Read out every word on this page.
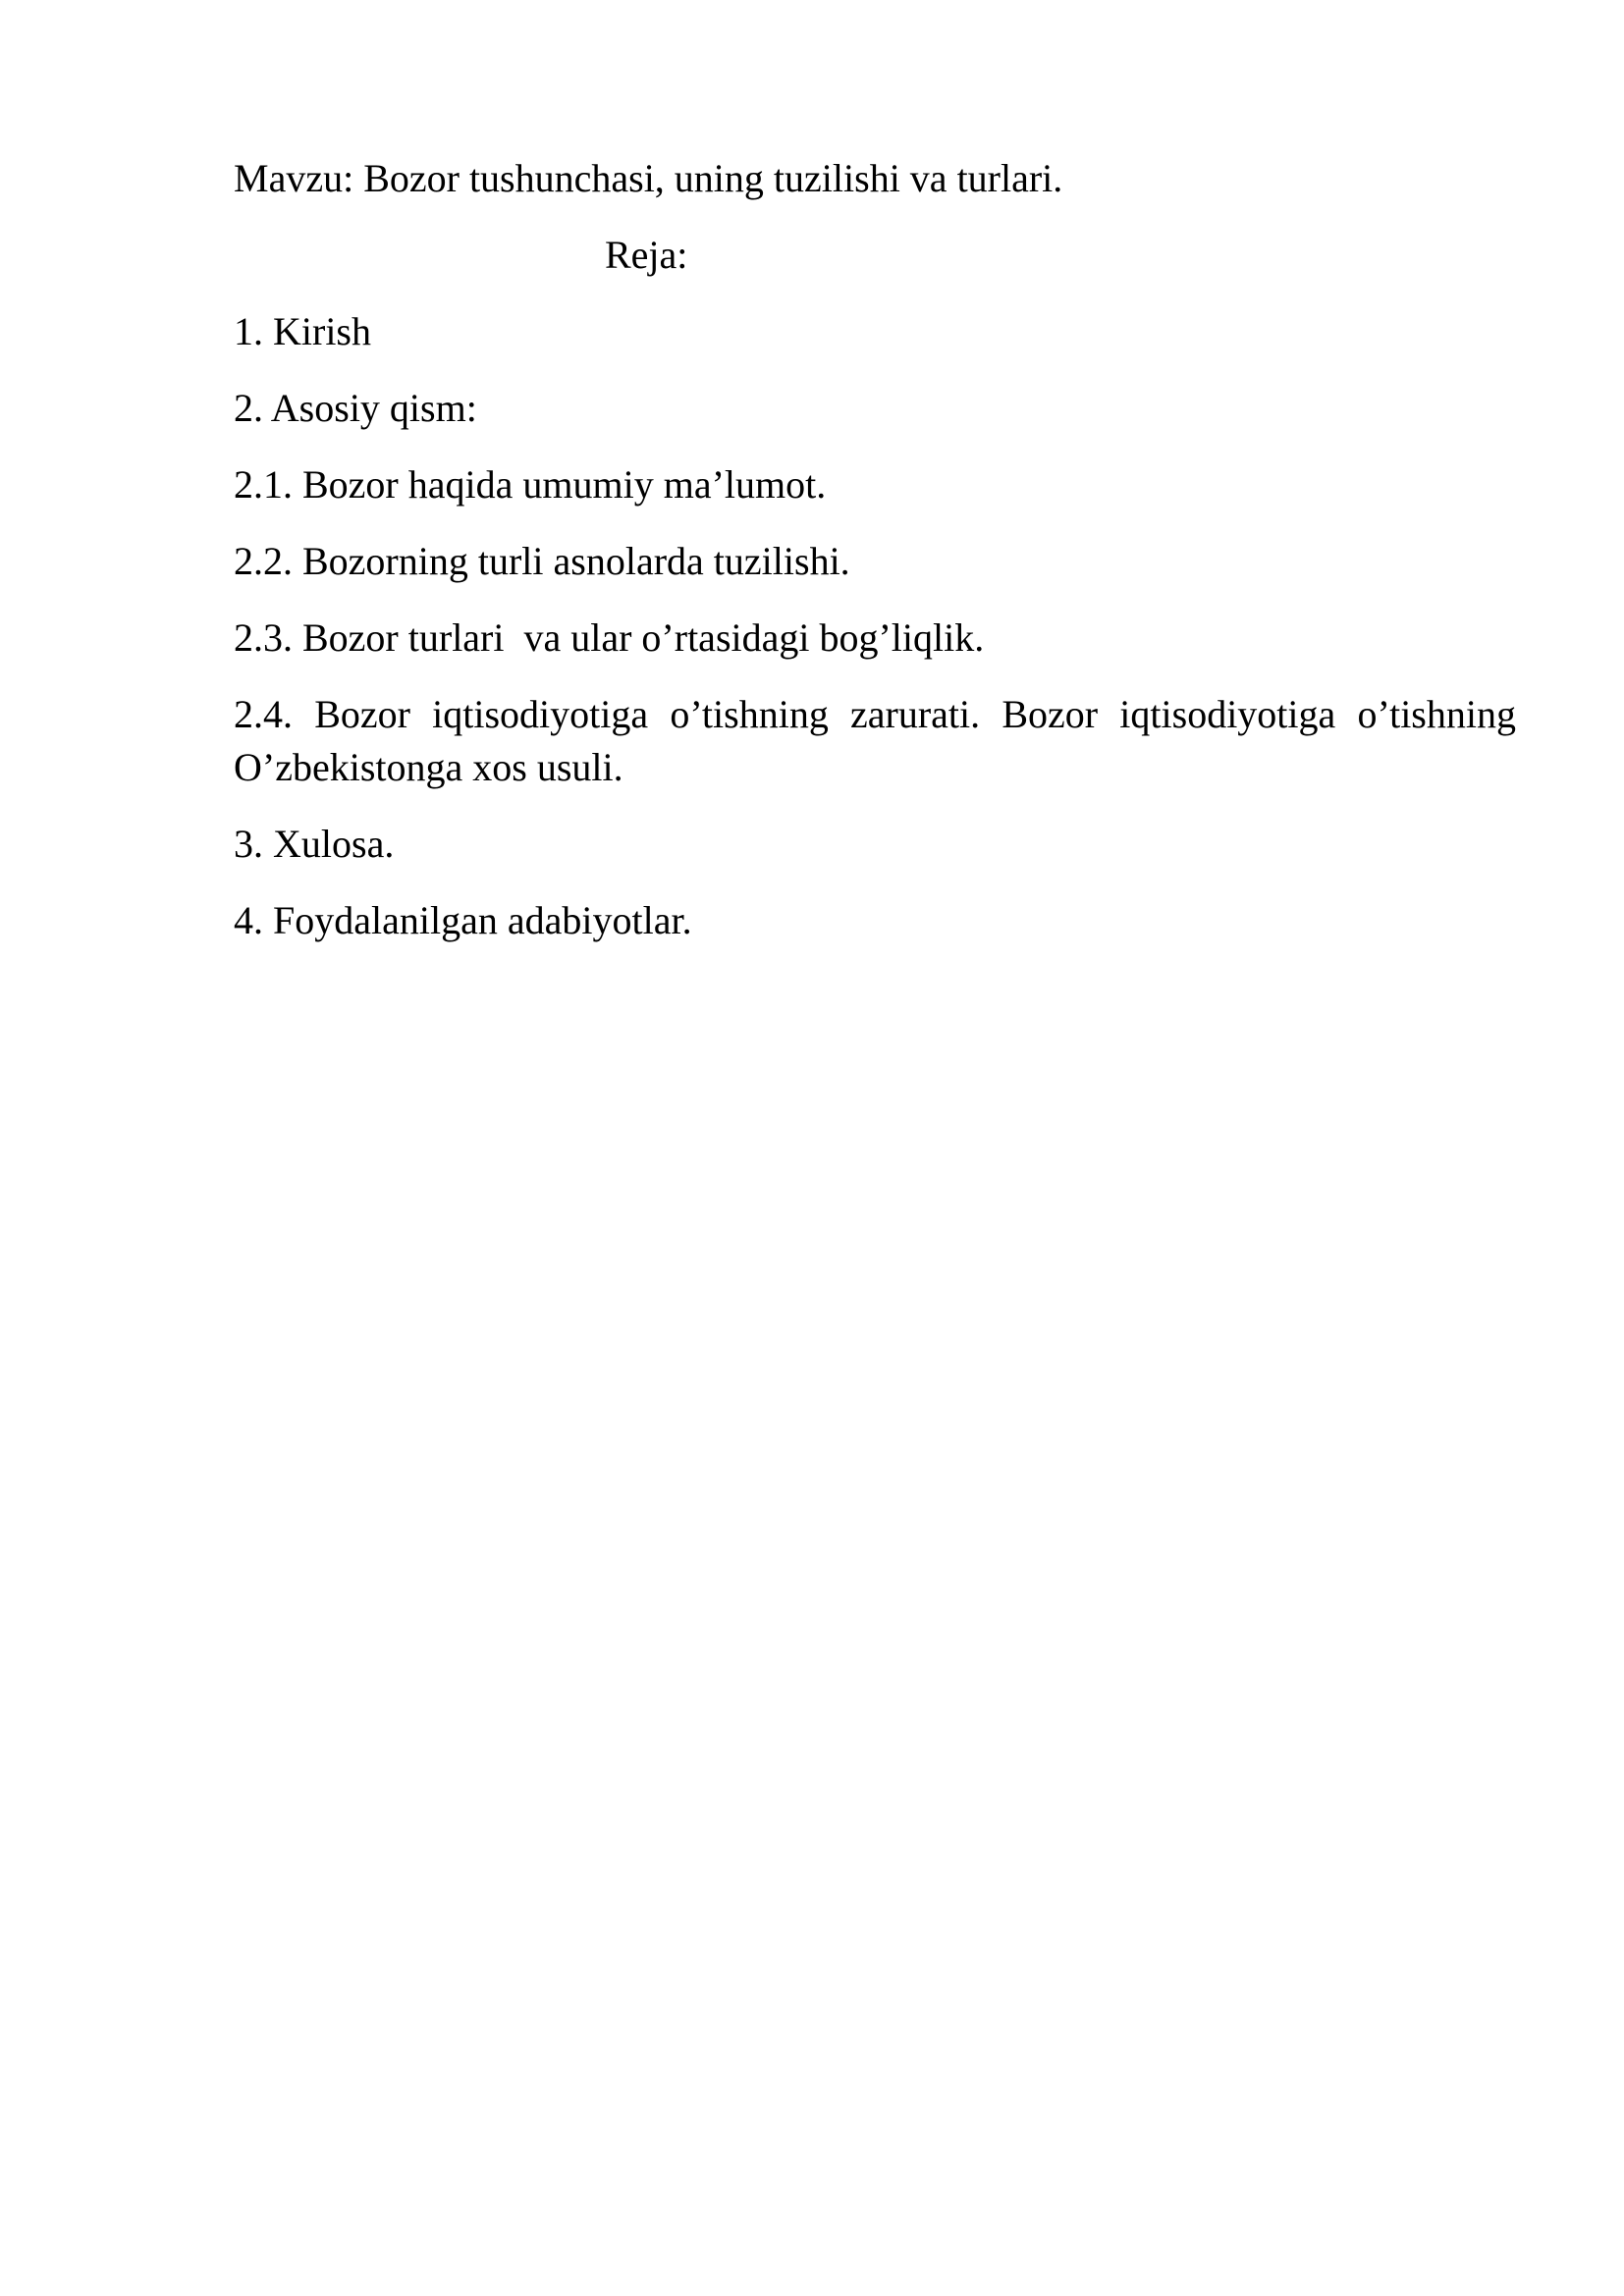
Mavzu: Bozor tushunchasi, uning tuzilishi va turlari.

Reja:

1. Kirish

2. Asosiy qism:

2.1. Bozor haqida umumiy ma’lumot.

2.2. Bozorning turli asnolarda tuzilishi.

2.3. Bozor turlari  va ular o’rtasidagi bog’liqlik.

2.4. Bozor iqtisodiyotiga o’tishning zarurati. Bozor iqtisodiyotiga o’tishning O’zbekistonga xos usuli.

3. Xulosa.

4. Foydalanilgan adabiyotlar.
